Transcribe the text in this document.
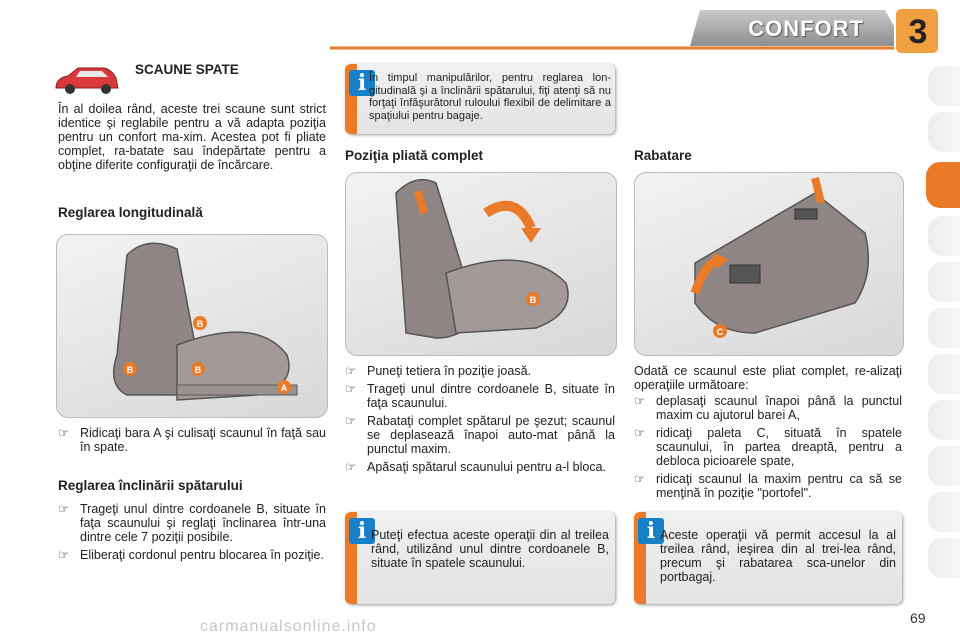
CONFORT	3
SCAUNE SPATE

În al doilea rând, aceste trei scaune sunt strict identice şi reglabile pentru a vă adapta poziţia pentru un confort ma-xim. Acestea pot fi pliate complet, ra-batate sau îndepărtate pentru a obţine diferite configuraţii de încărcare.

Reglarea longitudinală
B
B	B
A
☞ Ridicaţi bara A şi culisaţi scaunul în faţă sau în spate.
Reglarea înclinării spătarului
☞ Trageţi unul dintre cordoanele B, situate în faţa scaunului şi reglaţi înclinarea într-una dintre cele 7 poziţii posibile.
☞ Eliberaţi cordonul pentru blocarea în poziţie.
i În timpul manipulărilor, pentru reglarea lon-gitudinală şi a înclinării spătarului, fiţi atenţi să nu forţaţi înfăşurătorul ruloului flexibil de delimitare a spaţiului pentru bagaje.
Poziţia pliată complet
B
☞ Puneţi tetiera în poziţie joasă.
☞ Trageţi unul dintre cordoanele B, situate în faţa scaunului.
☞ Rabataţi complet spătarul pe şezut; scaunul se deplasează înapoi auto-mat până la punctul maxim.
☞ Apăsaţi spătarul scaunului pentru a-l bloca.
i Puteţi efectua aceste operaţii din al treilea rând, utilizând unul dintre cordoanele B, situate în spatele scaunului.
Rabatare
C

Odată ce scaunul este pliat complet, re-alizaţi operaţiile următoare:

☞ deplasaţi scaunul înapoi până la punctul maxim cu ajutorul barei A,
☞ ridicaţi paleta C, situată în spatele scaunului, în partea dreaptă, pentru a debloca picioarele spate,
☞ ridicaţi scaunul la maxim pentru ca să se menţină în poziţie "portofel".
i Aceste operaţii vă permit accesul la al treilea rând, ieşirea din al trei-lea rând, precum şi rabatarea sca-unelor din portbagaj.
69
carmanualsonline.info
